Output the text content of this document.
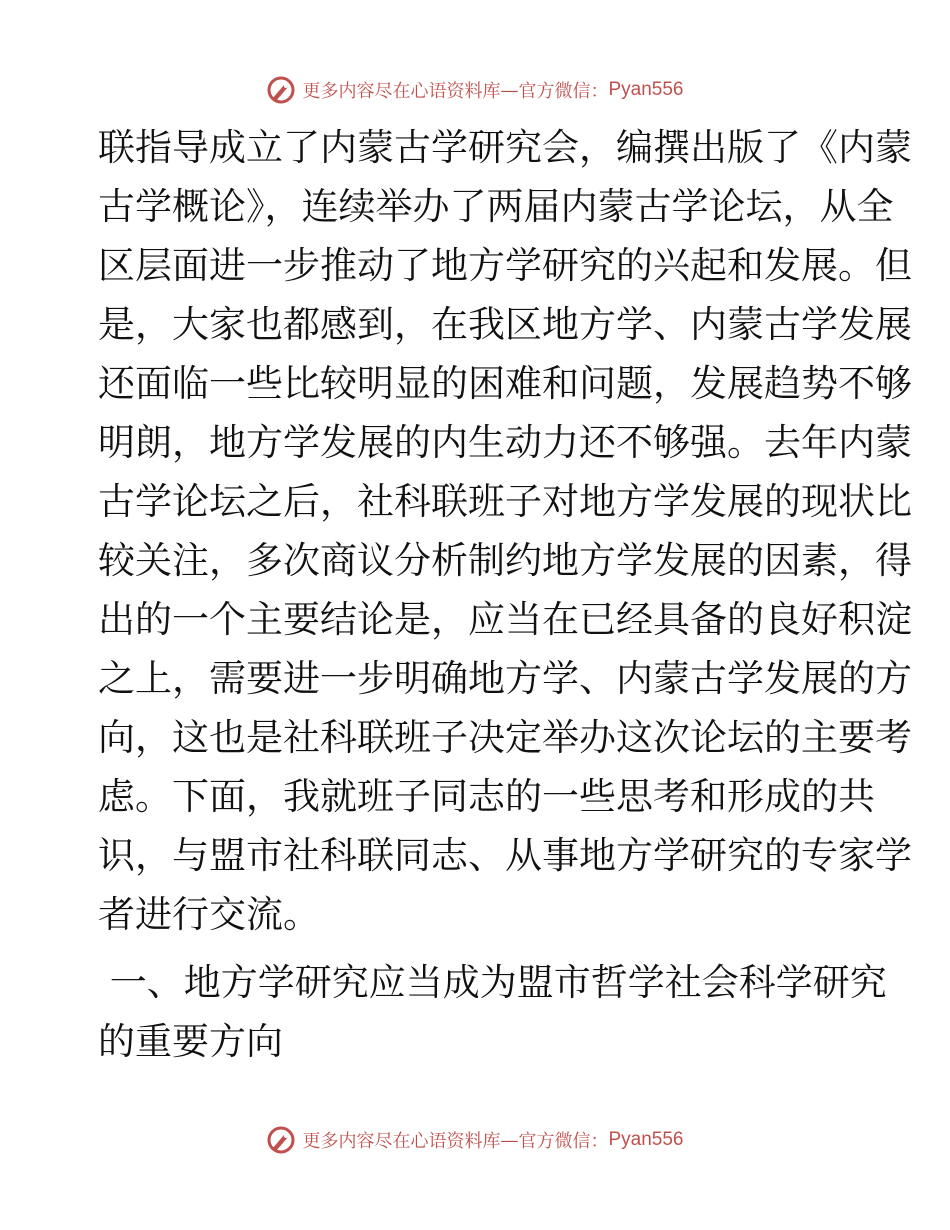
更多内容尽在心语资料库 — 官方微信： Pyan556
联指导成立了内蒙古学研究会，编撰出版了《内蒙
古学概论》，连续举办了两届内蒙古学论坛，从全
区层面进一步推动了地方学研究的兴起和发展。但
是，大家也都感到，在我区地方学、内蒙古学发展
还面临一些比较明显的困难和问题，发展趋势不够
明朗，地方学发展的内生动力还不够强。去年内蒙
古学论坛之后，社科联班子对地方学发展的现状比
较关注，多次商议分析制约地方学发展的因素，得
出的一个主要结论是，应当在已经具备的良好积淀
之上，需要进一步明确地方学、内蒙古学发展的方
向，这也是社科联班子决定举办这次论坛的主要考
虑。下面，我就班子同志的一些思考和形成的共
识，与盟市社科联同志、从事地方学研究的专家学
者进行交流。
一、地方学研究应当成为盟市哲学社会科学研究
的重要方向
更多内容尽在心语资料库 — 官方微信： Pyan556
